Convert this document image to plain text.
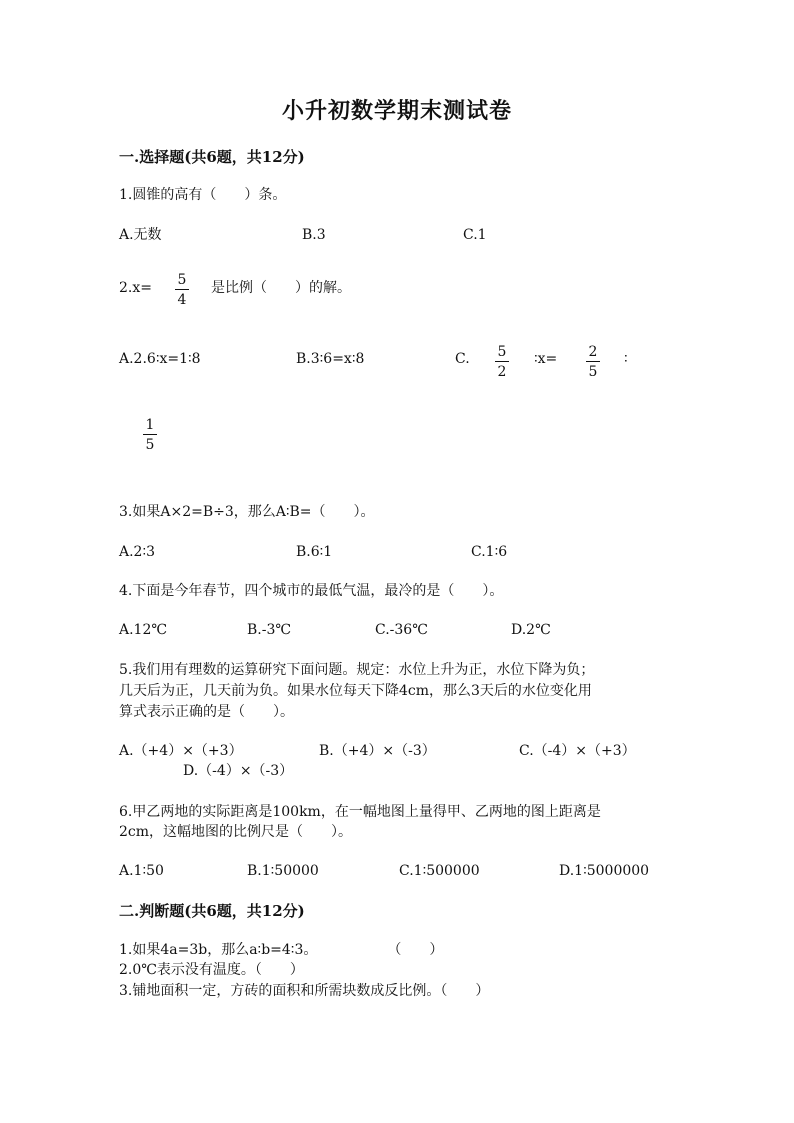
小升初数学期末测试卷
一.选择题(共6题，共12分)
1.圆锥的高有（　　）条。
A.无数	B.3	C.1
2.x= 5
4
是比例（　　）的解。
A.2.6∶x=1∶8	B.3∶6=x∶8	C. 5
2
∶x= 2
5
∶
1
5
3.如果A×2=B÷3，那么A∶B=（　　）。
A.2∶3	B.6∶1	C.1∶6
4.下面是今年春节，四个城市的最低气温，最冷的是（　　）。
A.12℃	B.-3℃	C.-36℃	D.2℃
5.我们用有理数的运算研究下面问题。规定：水位上升为正，水位下降为负；
几天后为正，几天前为负。如果水位每天下降4cm，那么3天后的水位变化用
算式表示正确的是（　　）。
A.（+4）×（+3）	B.（+4）×（-3）	C.（-4）×（+3）
D.（-4）×（-3）
6.甲乙两地的实际距离是100km，在一幅地图上量得甲、乙两地的图上距离是
2cm，这幅地图的比例尺是（　　）。
A.1∶50	B.1∶50000	C.1∶500000	D.1∶5000000
二.判断题(共6题，共12分)
1.如果4a=3b，那么a∶b=4∶3。　　　　　　（　　）
2.0℃表示没有温度。（　　）
3.铺地面积一定，方砖的面积和所需块数成反比例。（　　）
